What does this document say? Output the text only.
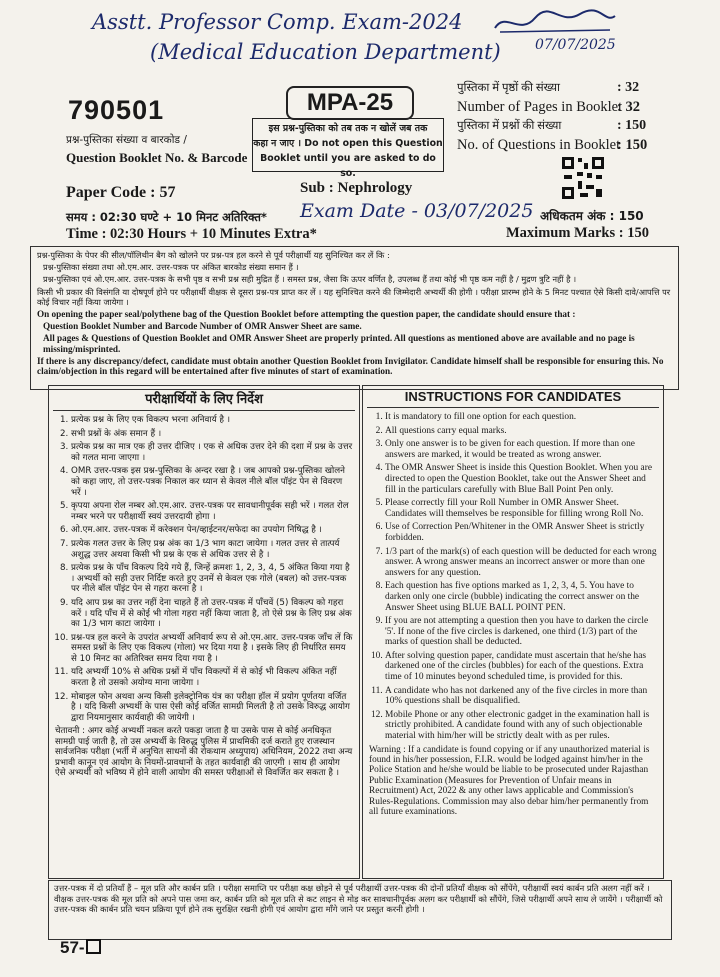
Asstt. Professor Comp. Exam-2024
(Medical Education Department) 07/07/2025
790501
प्रश्न-पुस्तिका संख्या व बारकोड /
Question Booklet No. & Barcode
MPA-25
इस प्रश्न-पुस्तिका को तब तक न खोलें जब तक
कहा न जाए । Do not open this Question
Booklet until you are asked to do so.
पुस्तिका में पृष्ठों की संख्या	: 32
Number of Pages in Booklet
: 32
पुस्तिका में प्रश्नों की संख्या	: 150
No. of Questions in Booklet
: 150
Paper Code : 57	Sub : Nephrology
Exam Date - 03/07/2025
समय : 02:30 घण्टे + 10 मिनट अतिरिक्त*
Time : 02:30 Hours + 10 Minutes Extra*
अधिकतम अंक : 150
Maximum Marks : 150

प्रश्न-पुस्तिका के पेपर की सील/पॉलिथीन बैग को खोलने पर प्रश्न-पत्र हल करने से पूर्व परीक्षार्थी यह सुनिश्चित कर लें कि :

प्रश्न-पुस्तिका संख्या तथा ओ.एम.आर. उत्तर-पत्रक पर अंकित बारकोड संख्या समान हैं ।

प्रश्न-पुस्तिका एवं ओ.एम.आर. उत्तर-पत्रक के सभी पृष्ठ व सभी प्रश्न सही मुद्रित हैं । समस्त प्रश्न, जैसा कि ऊपर वर्णित है, उपलब्ध हैं तथा कोई भी पृष्ठ कम नहीं है / मुद्रण त्रुटि नहीं है ।

किसी भी प्रकार की विसंगति या दोषपूर्ण होने पर परीक्षार्थी वीक्षक से दूसरा प्रश्न-पत्र प्राप्त कर लें । यह सुनिश्चित करने की जिम्मेदारी अभ्यर्थी की होगी । परीक्षा प्रारम्भ होने के 5 मिनट पश्चात ऐसे किसी दावे/आपत्ति पर कोई विचार नहीं किया जायेगा ।

On opening the paper seal/polythene bag of the Question Booklet before attempting the question paper, the candidate should ensure that :

Question Booklet Number and Barcode Number of OMR Answer Sheet are same.

All pages & Questions of Question Booklet and OMR Answer Sheet are properly printed. All questions as mentioned above are available and no page is missing/misprinted.

If there is any discrepancy/defect, candidate must obtain another Question Booklet from Invigilator. Candidate himself shall be responsible for ensuring this. No claim/objection in this regard will be entertained after five minutes of start of examination.

परीक्षार्थियों के लिए निर्देश
1. प्रत्येक प्रश्न के लिए एक विकल्प भरना अनिवार्य है ।
2. सभी प्रश्नों के अंक समान हैं ।
3. प्रत्येक प्रश्न का मात्र एक ही उत्तर दीजिए । एक से अधिक उत्तर देने की दशा में प्रश्न के उत्तर को गलत माना जाएगा ।
4. OMR उत्तर-पत्रक इस प्रश्न-पुस्तिका के अन्दर रखा है । जब आपको प्रश्न-पुस्तिका खोलने को कहा जाए, तो उत्तर-पत्रक निकाल कर ध्यान से केवल नीले बॉल पॉइंट पेन से विवरण भरें ।
5. कृपया अपना रोल नम्बर ओ.एम.आर. उत्तर-पत्रक पर सावधानीपूर्वक सही भरें । गलत रोल नम्बर भरने पर परीक्षार्थी स्वयं उत्तरदायी होगा ।
6. ओ.एम.आर. उत्तर-पत्रक में करेक्शन पेन/व्हाईटनर/सफेदा का उपयोग निषिद्ध है ।
7. प्रत्येक गलत उत्तर के लिए प्रश्न अंक का 1/3 भाग काटा जायेगा । गलत उत्तर से तात्पर्य अशुद्ध उत्तर अथवा किसी भी प्रश्न के एक से अधिक उत्तर से है ।
8. प्रत्येक प्रश्न के पाँच विकल्प दिये गये हैं, जिन्हें क्रमशः 1, 2, 3, 4, 5 अंकित किया गया है । अभ्यर्थी को सही उत्तर निर्दिष्ट करते हुए उनमें से केवल एक गोले (बबल) को उत्तर-पत्रक पर नीले बॉल पॉइंट पेन से गहरा करना है ।
9. यदि आप प्रश्न का उत्तर नहीं देना चाहते हैं तो उत्तर-पत्रक में पाँचवें (5) विकल्प को गहरा करें । यदि पाँच में से कोई भी गोला गहरा नहीं किया जाता है, तो ऐसे प्रश्न के लिए प्रश्न अंक का 1/3 भाग काटा जायेगा ।
10. प्रश्न-पत्र हल करने के उपरांत अभ्यर्थी अनिवार्य रूप से ओ.एम.आर. उत्तर-पत्रक जाँच लें कि समस्त प्रश्नों के लिए एक विकल्प (गोला) भर दिया गया है । इसके लिए ही निर्धारित समय से 10 मिनट का अतिरिक्त समय दिया गया है ।
11. यदि अभ्यर्थी 10% से अधिक प्रश्नों में पाँच विकल्पों में से कोई भी विकल्प अंकित नहीं करता है तो उसको अयोग्य माना जायेगा ।
12. मोबाइल फोन अथवा अन्य किसी इलेक्ट्रोनिक यंत्र का परीक्षा हॉल में प्रयोग पूर्णतया वर्जित है । यदि किसी अभ्यर्थी के पास ऐसी कोई वर्जित सामग्री मिलती है तो उसके विरुद्ध आयोग द्वारा नियमानुसार कार्यवाही की जायेगी ।
चेतावनी : अगर कोई अभ्यर्थी नकल करते पकड़ा जाता है या उसके पास से कोई अनधिकृत सामग्री पाई जाती है, तो उस अभ्यर्थी के विरुद्ध पुलिस में प्राथमिकी दर्ज कराते हुए राजस्थान सार्वजनिक परीक्षा (भर्ती में अनुचित साधनों की रोकथाम अध्युपाय) अधिनियम, 2022 तथा अन्य प्रभावी कानून एवं आयोग के नियमों-प्रावधानों के तहत कार्यवाही की जाएगी । साथ ही आयोग ऐसे अभ्यर्थी को भविष्य में होने वाली आयोग की समस्त परीक्षाओं से विवर्जित कर सकता है ।
INSTRUCTIONS FOR CANDIDATES
1. It is mandatory to fill one option for each question.
2. All questions carry equal marks.
3. Only one answer is to be given for each question. If more than one answers are marked, it would be treated as wrong answer.
4. The OMR Answer Sheet is inside this Question Booklet. When you are directed to open the Question Booklet, take out the Answer Sheet and fill in the particulars carefully with Blue Ball Point Pen only.
5. Please correctly fill your Roll Number in OMR Answer Sheet. Candidates will themselves be responsible for filling wrong Roll No.
6. Use of Correction Pen/Whitener in the OMR Answer Sheet is strictly forbidden.
7. 1/3 part of the mark(s) of each question will be deducted for each wrong answer. A wrong answer means an incorrect answer or more than one answers for any question.
8. Each question has five options marked as 1, 2, 3, 4, 5. You have to darken only one circle (bubble) indicating the correct answer on the Answer Sheet using BLUE BALL POINT PEN.
9. If you are not attempting a question then you have to darken the circle '5'. If none of the five circles is darkened, one third (1/3) part of the marks of question shall be deducted.
10. After solving question paper, candidate must ascertain that he/she has darkened one of the circles (bubbles) for each of the questions. Extra time of 10 minutes beyond scheduled time, is provided for this.
11. A candidate who has not darkened any of the five circles in more than 10% questions shall be disqualified.
12. Mobile Phone or any other electronic gadget in the examination hall is strictly prohibited. A candidate found with any of such objectionable material with him/her will be strictly dealt with as per rules.
Warning : If a candidate is found copying or if any unauthorized material is found in his/her possession, F.I.R. would be lodged against him/her in the Police Station and he/she would be liable to be prosecuted under Rajasthan Public Examination (Measures for Prevention of Unfair means in Recruitment) Act, 2022 & any other laws applicable and Commission's Rules-Regulations. Commission may also debar him/her permanently from all future examinations.
उत्तर-पत्रक में दो प्रतियाँ हैं – मूल प्रति और कार्बन प्रति । परीक्षा समाप्ति पर परीक्षा कक्ष छोड़ने से पूर्व परीक्षार्थी उत्तर-पत्रक की दोनों प्रतियाँ वीक्षक को सौंपेंगे, परीक्षार्थी स्वयं कार्बन प्रति अलग नहीं करें । वीक्षक उत्तर-पत्रक की मूल प्रति को अपने पास जमा कर, कार्बन प्रति को मूल प्रति से कट लाइन से मोड़ कर सावधानीपूर्वक अलग कर परीक्षार्थी को सौंपेंगे, जिसे परीक्षार्थी अपने साथ ले जायेंगे । परीक्षार्थी को उत्तर-पत्रक की कार्बन प्रति चयन प्रक्रिया पूर्ण होने तक सुरक्षित रखनी होगी एवं आयोग द्वारा माँगे जाने पर प्रस्तुत करनी होगी ।
57-
